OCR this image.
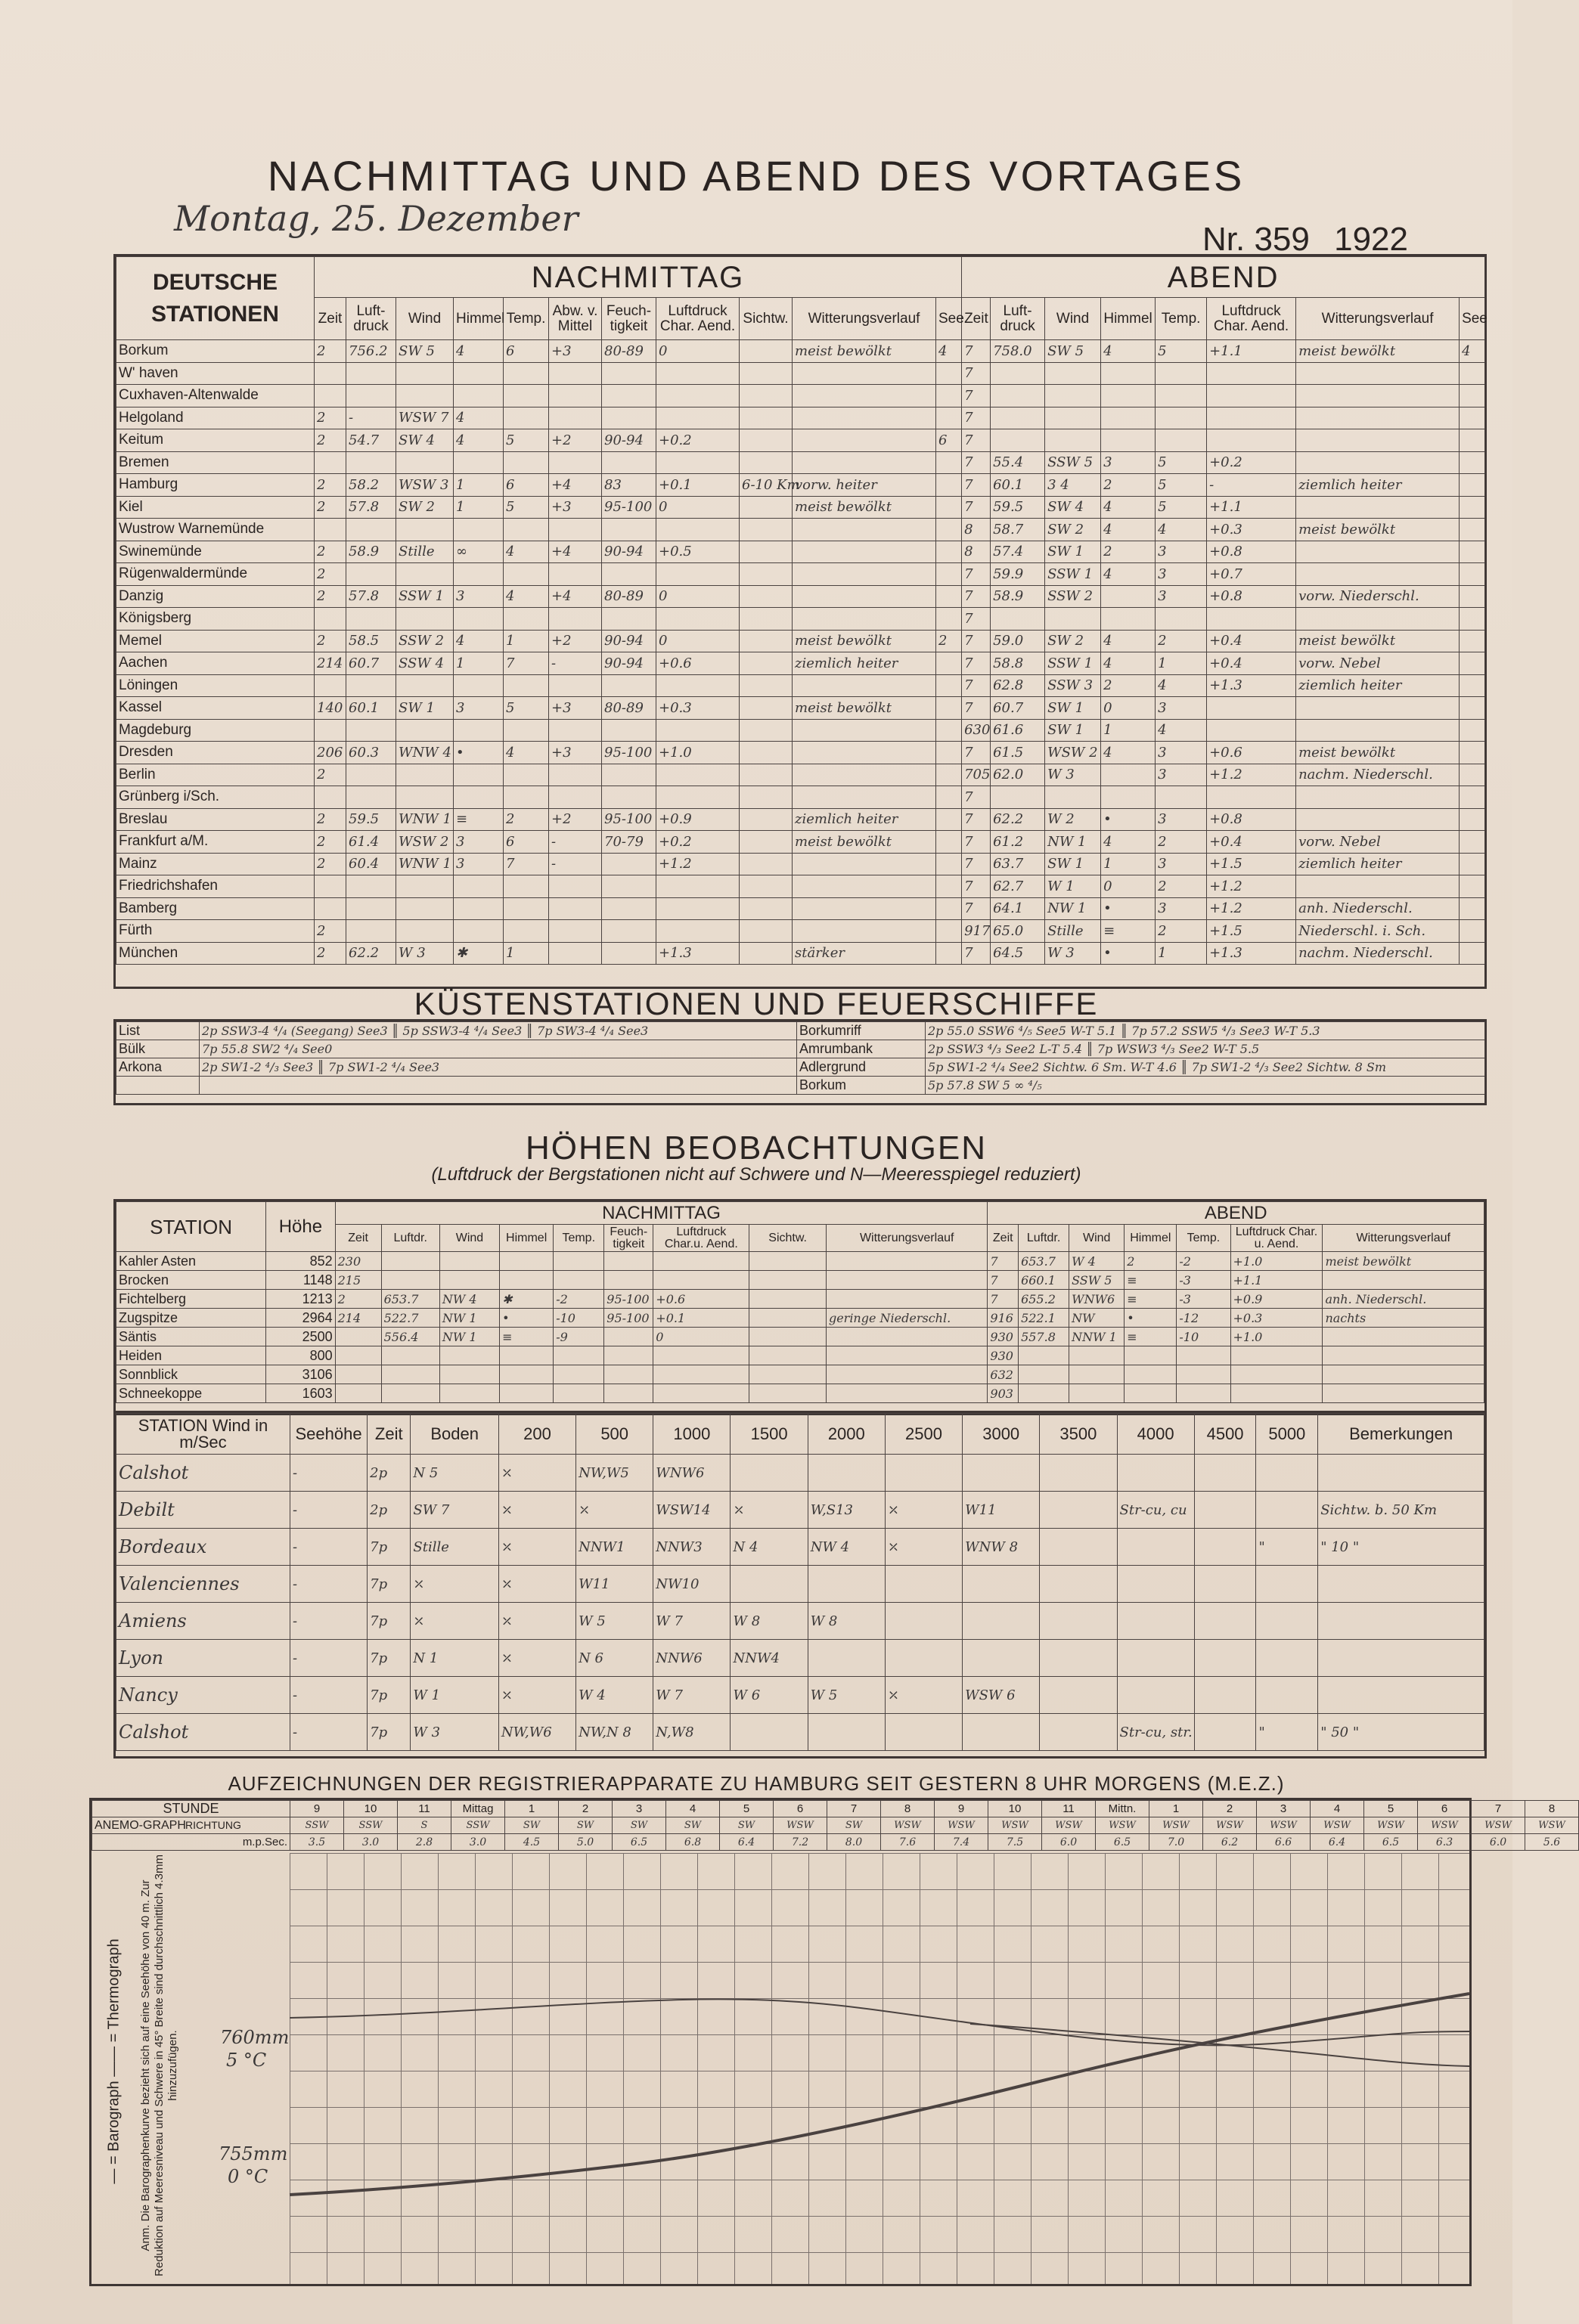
NACHMITTAG UND ABEND DES VORTAGES
Montag, 25. Dezember
Nr. 359 1922
DEUTSCHE STATIONEN	NACHMITTAG											ABEND							
	Zeit	Luft-druck	Wind	Himmel	Temp.	Abw. v. Mittel	Feuch-tigkeit	Luftdruck Char. Aend.	Sichtw.	Witterungsverlauf	See	Zeit	Luft-druck	Wind	Himmel	Temp.	Luftdruck Char. Aend.	Witterungsverlauf	See
Borkum	2	756.2	SW 5	4	6	+3	80-89	0		meist bewölkt	4	7	758.0	SW 5	4	5	+1.1	meist bewölkt	4
W' haven												7							
Cuxhaven-Altenwalde												7							
Helgoland	2	-	WSW 7	4								7							
Keitum	2	54.7	SW 4	4	5	+2	90-94	+0.2			6	7							
Bremen												7	55.4	SSW 5	3	5	+0.2		
Hamburg	2	58.2	WSW 3	1	6	+4	83	+0.1	6-10 Km	vorw. heiter		7	60.1	3 4	2	5	-	ziemlich heiter	
Kiel	2	57.8	SW 2	1	5	+3	95-100	0		meist bewölkt		7	59.5	SW 4	4	5	+1.1		
Wustrow Warnemünde												8	58.7	SW 2	4	4	+0.3	meist bewölkt	
Swinemünde	2	58.9	Stille	∞	4	+4	90-94	+0.5				8	57.4	SW 1	2	3	+0.8		
Rügenwaldermünde	2											7	59.9	SSW 1	4	3	+0.7		
Danzig	2	57.8	SSW 1	3	4	+4	80-89	0				7	58.9	SSW 2		3	+0.8	vorw. Niederschl.	
Königsberg												7							
Memel	2	58.5	SSW 2	4	1	+2	90-94	0		meist bewölkt	2	7	59.0	SW 2	4	2	+0.4	meist bewölkt	
Aachen	214	60.7	SSW 4	1	7	-	90-94	+0.6		ziemlich heiter		7	58.8	SSW 1	4	1	+0.4	vorw. Nebel	
Löningen												7	62.8	SSW 3	2	4	+1.3	ziemlich heiter	
Kassel	140	60.1	SW 1	3	5	+3	80-89	+0.3		meist bewölkt		7	60.7	SW 1	0	3			
Magdeburg												630	61.6	SW 1	1	4			
Dresden	206	60.3	WNW 4	•	4	+3	95-100	+1.0				7	61.5	WSW 2	4	3	+0.6	meist bewölkt	
Berlin	2											705	62.0	W 3		3	+1.2	nachm. Niederschl.	
Grünberg i/Sch.												7							
Breslau	2	59.5	WNW 1	≡	2	+2	95-100	+0.9		ziemlich heiter		7	62.2	W 2	•	3	+0.8		
Frankfurt a/M.	2	61.4	WSW 2	3	6	-	70-79	+0.2		meist bewölkt		7	61.2	NW 1	4	2	+0.4	vorw. Nebel	
Mainz	2	60.4	WNW 1	3	7	-		+1.2				7	63.7	SW 1	1	3	+1.5	ziemlich heiter	
Friedrichshafen												7	62.7	W 1	0	2	+1.2		
Bamberg												7	64.1	NW 1	•	3	+1.2	anh. Niederschl.	
Fürth	2											917	65.0	Stille	≡	2	+1.5	Niederschl. i. Sch.	
München	2	62.2	W 3	✱	1			+1.3		stärker		7	64.5	W 3	•	1	+1.3	nachm. Niederschl.	
KÜSTENSTATIONEN UND FEUERSCHIFFE
List	2p SSW3-4 ⁴/₄ (Seegang) See3 ║ 5p SSW3-4 ⁴/₄ See3 ║ 7p SW3-4 ⁴/₄ See3	Borkumriff	2p 55.0 SSW6 ⁴/₅ See5 W-T 5.1 ║ 7p 57.2 SSW5 ⁴/₃ See3 W-T 5.3
Bülk	7p 55.8 SW2 ⁴/₄ See0	Amrumbank	2p SSW3 ⁴/₃ See2 L-T 5.4 ║ 7p WSW3 ⁴/₃ See2 W-T 5.5
Arkona	2p SW1-2 ⁴/₃ See3 ║ 7p SW1-2 ⁴/₄ See3	Adlergrund	5p SW1-2 ⁴/₄ See2 Sichtw. 6 Sm. W-T 4.6 ║ 7p SW1-2 ⁴/₃ See2 Sichtw. 8 Sm
		Borkum	5p 57.8 SW 5 ∞ ⁴/₅
HÖHEN BEOBACHTUNGEN
(Luftdruck der Bergstationen nicht auf Schwere und N—Meeresspiegel reduziert)
STATION	Höhe	NACHMITTAG									ABEND						
		Zeit	Luftdr.	Wind	Himmel	Temp.	Feuch-tigkeit	Luftdruck Char.u. Aend.	Sichtw.	Witterungsverlauf	Zeit	Luftdr.	Wind	Himmel	Temp.	Luftdruck Char. u. Aend.	Witterungsverlauf
Kahler Asten	852	230									7	653.7	W 4	2	-2	+1.0	meist bewölkt
Brocken	1148	215									7	660.1	SSW 5	≡	-3	+1.1	
Fichtelberg	1213	2	653.7	NW 4	✱	-2	95-100	+0.6			7	655.2	WNW6	≡	-3	+0.9	anh. Niederschl.
Zugspitze	2964	214	522.7	NW 1	•	-10	95-100	+0.1		geringe Niederschl.	916	522.1	NW	•	-12	+0.3	nachts
Säntis	2500		556.4	NW 1	≡	-9		0			930	557.8	NNW 1	≡	-10	+1.0	
Heiden	800										930						
Sonnblick	3106										632						
Schneekoppe	1603										903						
STATION Wind in m/Sec	Seehöhe	Zeit	Boden	200	500	1000	1500	2000	2500	3000	3500	4000	4500	5000	Bemerkungen
Calshot	-	2p	N 5	⤫	NW,W5	WNW6									
Debilt	-	2p	SW 7	⤫	⤫	WSW14	⤫	W,S13	⤫	W11		Str-cu, cu			Sichtw. b. 50 Km
Bordeaux	-	7p	Stille	⤫	NNW1	NNW3	N 4	NW 4	⤫	WNW 8				"	" 10 "
Valenciennes	-	7p	⤫	⤫	W11	NW10									
Amiens	-	7p	⤫	⤫	W 5	W 7	W 8	W 8							
Lyon	-	7p	N 1	⤫	N 6	NNW6	NNW4								
Nancy	-	7p	W 1	⤫	W 4	W 7	W 6	W 5	⤫	WSW 6					
Calshot	-	7p	W 3	NW,W6	NW,N 8	N,W8						Str-cu, str.		"	" 50 "
AUFZEICHNUNGEN DER REGISTRIERAPPARATE ZU HAMBURG SEIT GESTERN 8 UHR MORGENS (M.E.Z.)
STUNDE	9	10	11	Mittag	1	2	3	4	5	6	7	8	9	10	11	Mittn.	1	2	3	4	5	6	7	8
ANEMO-GRAPHRICHTUNG	SSW	SSW	S	SSW	SW	SW	SW	SW	SW	WSW	SW	WSW	WSW	WSW	WSW	WSW	WSW	WSW	WSW	WSW	WSW	WSW	WSW	WSW
m.p.Sec.	3.5	3.0	2.8	3.0	4.5	5.0	6.5	6.8	6.4	7.2	8.0	7.6	7.4	7.5	6.0	6.5	7.0	6.2	6.6	6.4	6.5	6.3	6.0	5.6
— = Barograph —— = Thermograph Anm. Die Barographenkurve bezieht sich auf eine Seehöhe von 40 m. Zur Reduktion auf Meeresniveau und Schwere in 45° Breite sind durchschnittlich 4.3mm hinzuzufügen. 760mm
5 °C
755mm
0 °C
